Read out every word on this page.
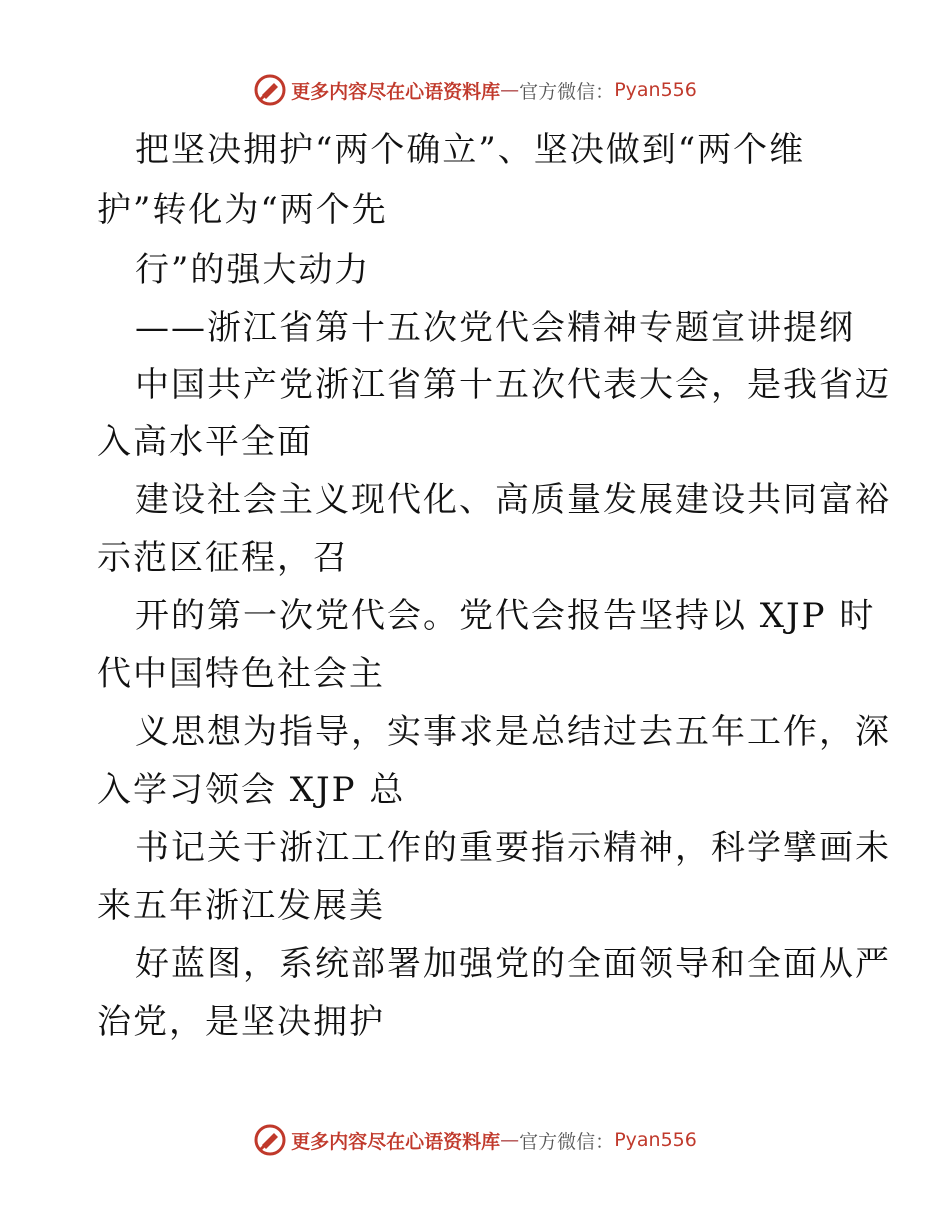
更多内容尽在心语资料库 — 官方微信： Pyan556
把坚决拥护“两个确立”、坚决做到“两个维
护”转化为“两个先
行”的强大动力
——浙江省第十五次党代会精神专题宣讲提纲
中国共产党浙江省第十五次代表大会，是我省迈
入高水平全面
建设社会主义现代化、高质量发展建设共同富裕
示范区征程，召
开的第一次党代会。党代会报告坚持以 XJP 时
代中国特色社会主
义思想为指导，实事求是总结过去五年工作，深
入学习领会 XJP 总
书记关于浙江工作的重要指示精神，科学擘画未
来五年浙江发展美
好蓝图，系统部署加强党的全面领导和全面从严
治党，是坚决拥护
更多内容尽在心语资料库 — 官方微信： Pyan556
